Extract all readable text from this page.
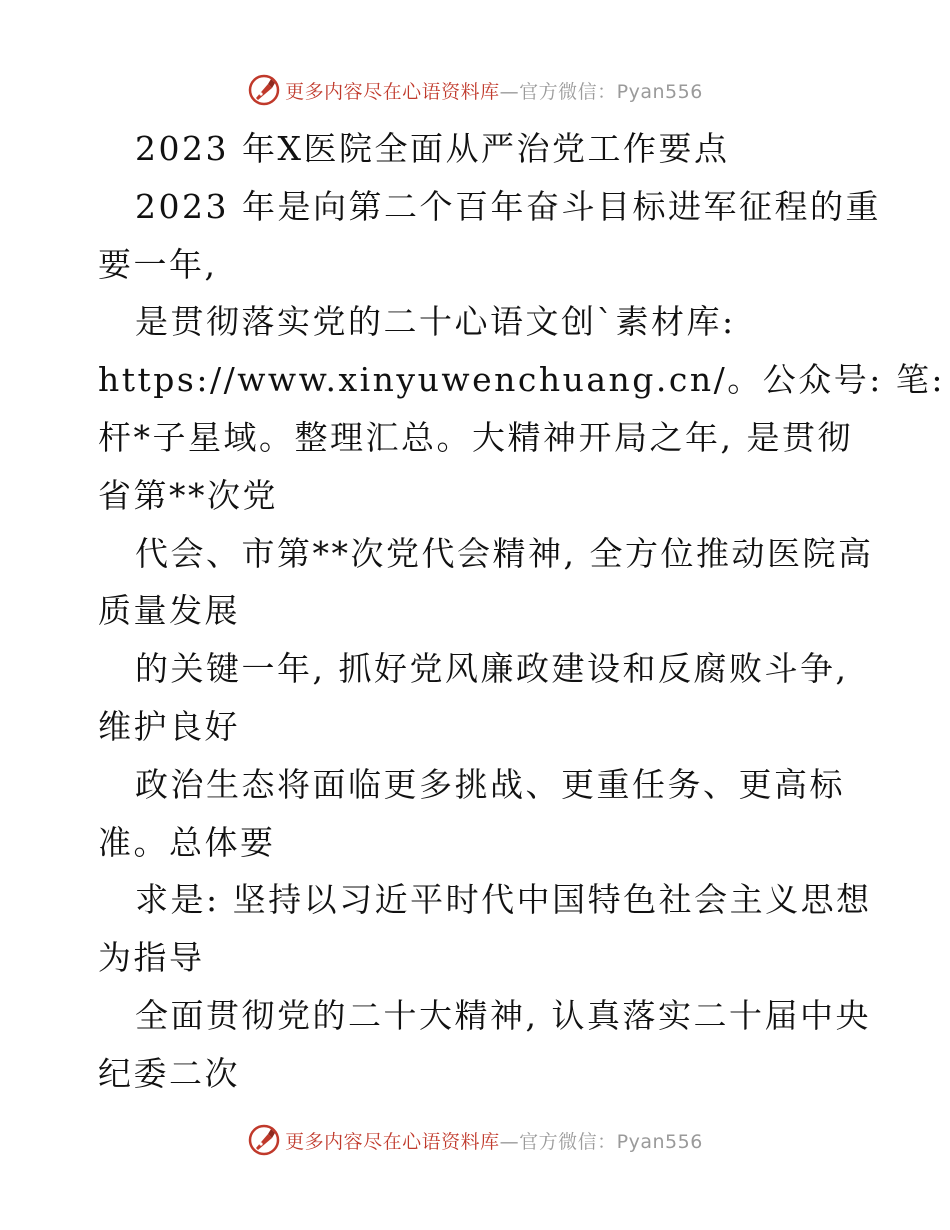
更多内容尽在心语资料库—官方微信：Pyan556
2023 年X医院全面从严治党工作要点
2023 年是向第二个百年奋斗目标进军征程的重
要一年,
是贯彻落实党的二十心语文创`素材库:
https://www.xinyuwenchuang.cn/。公众号: 笔:
杆*子星域。整理汇总。大精神开局之年, 是贯彻
省第**次党
代会、市第**次党代会精神, 全方位推动医院高
质量发展
的关键一年, 抓好党风廉政建设和反腐败斗争,
维护良好
政治生态将面临更多挑战、更重任务、更高标
准。总体要
求是: 坚持以习近平时代中国特色社会主义思想
为指导
全面贯彻党的二十大精神, 认真落实二十届中央
纪委二次
更多内容尽在心语资料库—官方微信：Pyan556
